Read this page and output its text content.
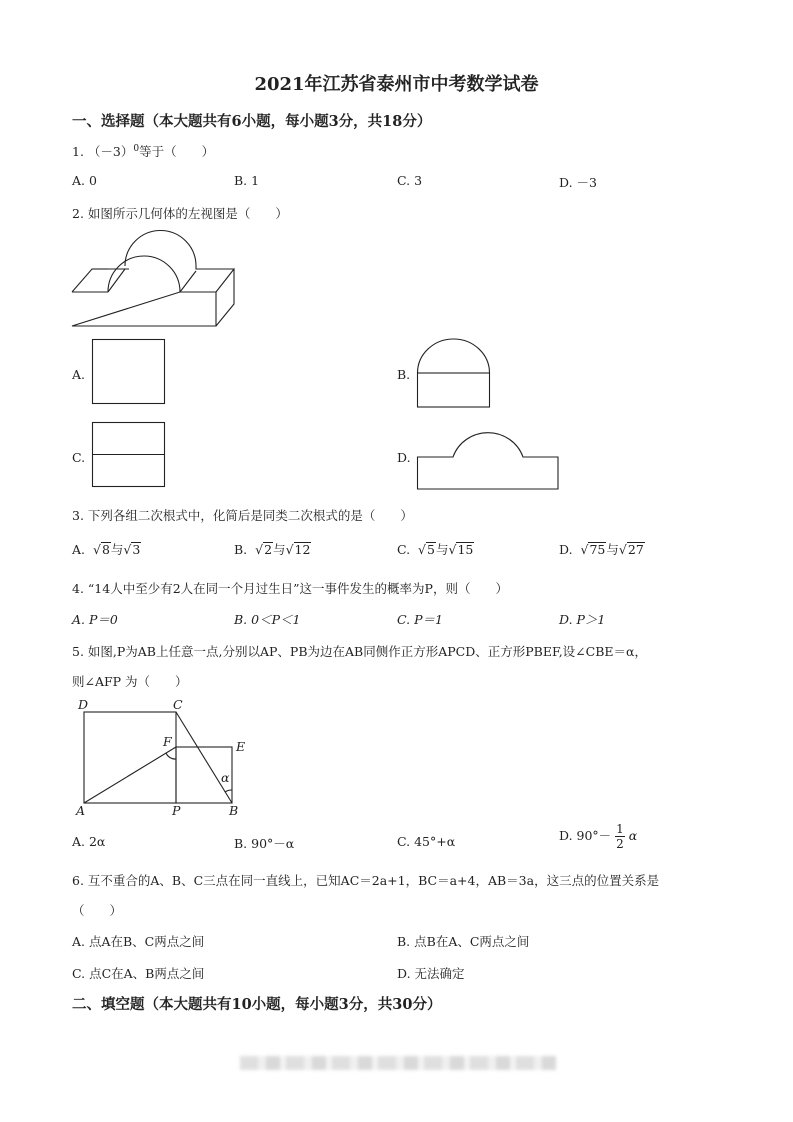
2021年江苏省泰州市中考数学试卷
一、选择题（本大题共有6小题，每小题3分，共18分）
1. $(-3)^0$等于（　　）
A. 0	B. 1	C. 3	D. －3
2. 如图所示几何体的左视图是（　　）
A.	B.
C.	D.
3. 下列各组二次根式中，化简后是同类二次根式的是（　　）
A.  √8与√3	B.  √2与√12	C.  √5与√15	D.  √75与√27
4. “14人中至少有2人在同一个月过生日”这一事件发生的概率为P，则（　　）
A. P＝0	B. 0＜P＜1	C. P＝1	D. P＞1
5. 如图,P为AB上任意一点,分别以AP、PB为边在AB同侧作正方形APCD、正方形PBEF,设∠CBE＝α，
则∠AFP 为（　　）
D	C
F	E
α
A	P	B
A. 2α	B. 90°－α	C. 45°+α	D. $90^\circ- \frac{1}{2}$ α
6. 互不重合的A、B、C三点在同一直线上，已知AC＝2a+1，BC＝a+4，AB＝3a，这三点的位置关系是
（　　）
A. 点A在B、C两点之间	B. 点B在A、C两点之间
C. 点C在A、B两点之间	D. 无法确定
二、填空题（本大题共有10小题，每小题3分，共30分）
